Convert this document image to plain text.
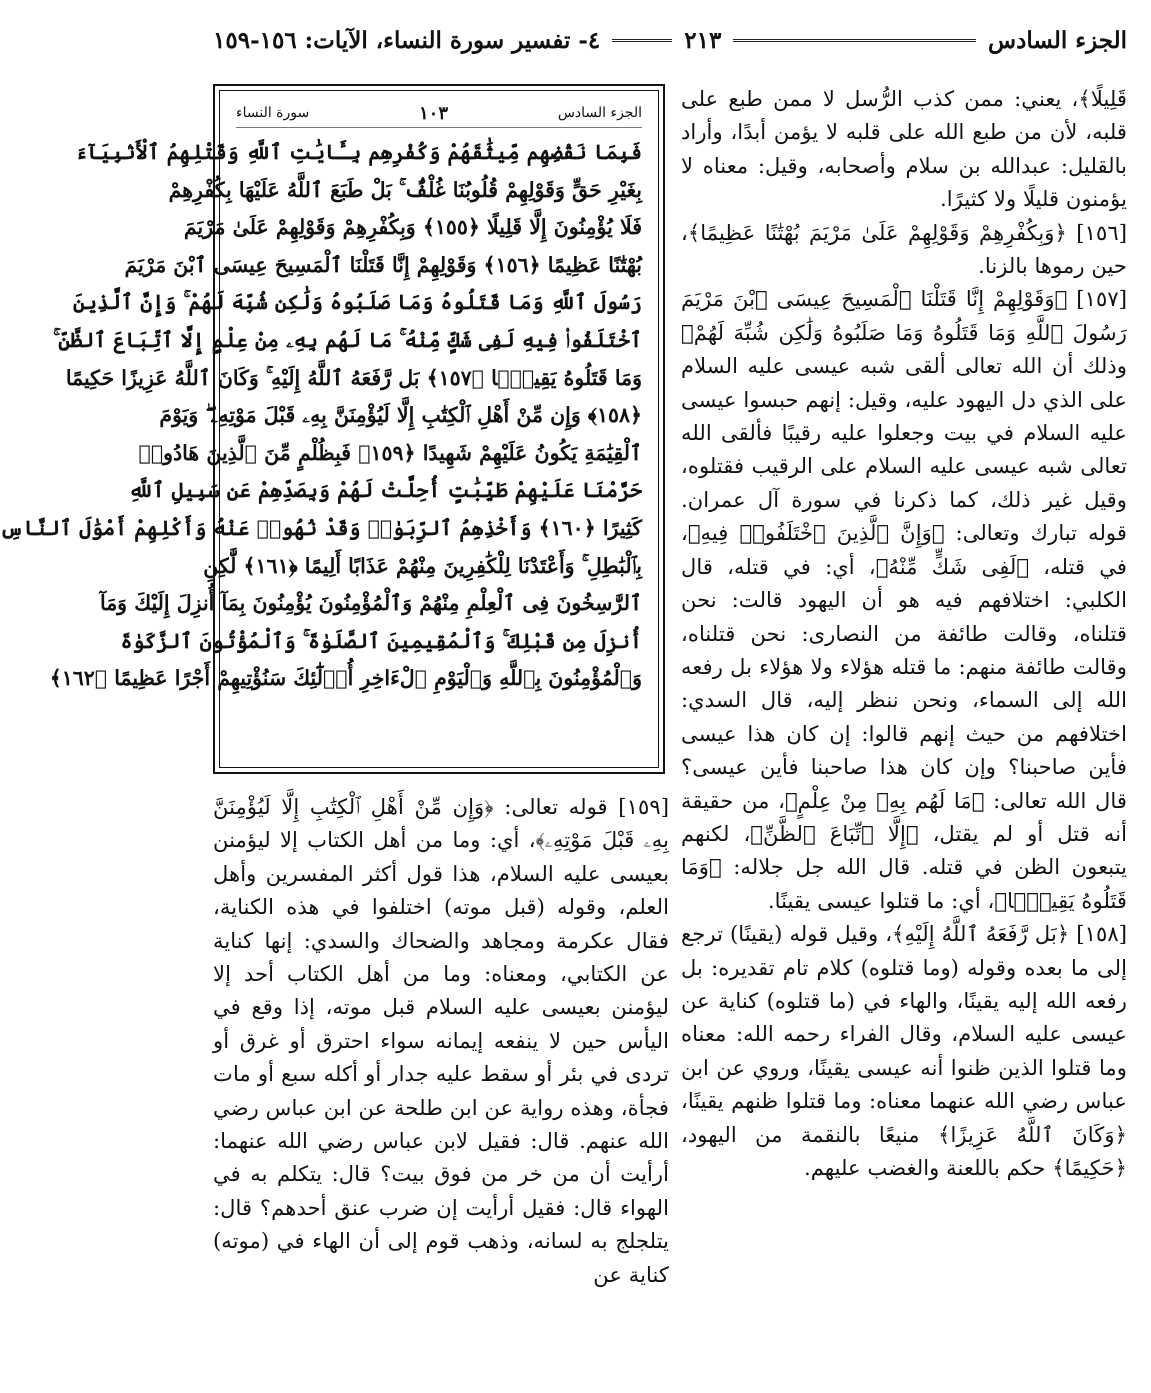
الجزء السادس
٢١٣
٤- تفسير سورة النساء، الآيات: ١٥٦-١٥٩

قَلِيلًا﴾، يعني: ممن كذب الرُّسل لا ممن طبع على قلبه، لأن من طبع الله على قلبه لا يؤمن أبدًا، وأراد بالقليل: عبدالله بن سلام وأصحابه، وقيل: معناه لا يؤمنون قليلًا ولا كثيرًا.

[١٥٦] ﴿وَبِكُفْرِهِمْ وَقَوْلِهِمْ عَلَىٰ مَرْيَمَ بُهْتَٰنًا عَظِيمًا﴾، حين رموها بالزنا.

[١٥٧] ﴿وَقَوْلِهِمْ إِنَّا قَتَلْنَا ٱلْمَسِيحَ عِيسَى ٱبْنَ مَرْيَمَ رَسُولَ ٱللَّهِ وَمَا قَتَلُوهُ وَمَا صَلَبُوهُ وَلَٰكِن شُبِّهَ لَهُمْ﴾ وذلك أن الله تعالى ألقى شبه عيسى عليه السلام على الذي دل اليهود عليه، وقيل: إنهم حبسوا عيسى عليه السلام في بيت وجعلوا عليه رقيبًا فألقى الله تعالى شبه عيسى عليه السلام على الرقيب فقتلوه، وقيل غير ذلك، كما ذكرنا في سورة آل عمران. قوله تبارك وتعالى: ﴿وَإِنَّ ٱلَّذِينَ ٱخْتَلَفُوا۟ فِيهِ﴾، في قتله، ﴿لَفِى شَكٍّ مِّنْهُ﴾، أي: في قتله، قال الكلبي: اختلافهم فيه هو أن اليهود قالت: نحن قتلناه، وقالت طائفة من النصارى: نحن قتلناه، وقالت طائفة منهم: ما قتله هؤلاء ولا هؤلاء بل رفعه الله إلى السماء، ونحن ننظر إليه، قال السدي: اختلافهم من حيث إنهم قالوا: إن كان هذا عيسى فأين صاحبنا؟ وإن كان هذا صاحبنا فأين عيسى؟ قال الله تعالى: ﴿مَا لَهُم بِهِۦ مِنْ عِلْمٍ﴾، من حقيقة أنه قتل أو لم يقتل، ﴿إِلَّا ٱتِّبَاعَ ٱلظَّنِّ﴾، لكنهم يتبعون الظن في قتله. قال الله جل جلاله: ﴿وَمَا قَتَلُوهُ يَقِينًۢا﴾، أي: ما قتلوا عيسى يقينًا.

[١٥٨] ﴿بَل رَّفَعَهُ ٱللَّهُ إِلَيْهِ﴾، وقيل قوله (يقينًا) ترجع إلى ما بعده وقوله (وما قتلوه) كلام تام تقديره: بل رفعه الله إليه يقينًا، والهاء في (ما قتلوه) كناية عن عيسى عليه السلام، وقال الفراء رحمه الله: معناه وما قتلوا الذين ظنوا أنه عيسى يقينًا، وروي عن ابن عباس رضي الله عنهما معناه: وما قتلوا ظنهم يقينًا، ﴿وَكَانَ ٱللَّهُ عَزِيزًا﴾ منيعًا بالنقمة من اليهود، ﴿حَكِيمًا﴾ حكم باللعنة والغضب عليهم.

الجزء السادس
١٠٣
سورة النساء
فَبِمَا نَقْضِهِم مِّيثَٰقَهُمْ وَكُفْرِهِم بِـَٔايَٰتِ ٱللَّهِ وَقَتْلِهِمُ ٱلْأَنۢبِيَآءَ
بِغَيْرِ حَقٍّ وَقَوْلِهِمْ قُلُوبُنَا غُلْفٌۢ ۚ بَلْ طَبَعَ ٱللَّهُ عَلَيْهَا بِكُفْرِهِمْ
فَلَا يُؤْمِنُونَ إِلَّا قَلِيلًا ﴿١٥٥﴾ وَبِكُفْرِهِمْ وَقَوْلِهِمْ عَلَىٰ مَرْيَمَ
بُهْتَٰنًا عَظِيمًا ﴿١٥٦﴾ وَقَوْلِهِمْ إِنَّا قَتَلْنَا ٱلْمَسِيحَ عِيسَى ٱبْنَ مَرْيَمَ
رَسُولَ ٱللَّهِ وَمَا قَتَلُوهُ وَمَا صَلَبُوهُ وَلَٰكِن شُبِّهَ لَهُمْ ۚ وَإِنَّ ٱلَّذِينَ
ٱخْتَلَفُوا۟ فِيهِ لَفِى شَكٍّ مِّنْهُ ۚ مَا لَهُم بِهِۦ مِنْ عِلْمٍ إِلَّا ٱتِّبَاعَ ٱلظَّنِّ ۚ
وَمَا قَتَلُوهُ يَقِينًۢا ﴿١٥٧﴾ بَل رَّفَعَهُ ٱللَّهُ إِلَيْهِ ۚ وَكَانَ ٱللَّهُ عَزِيزًا حَكِيمًا
﴿١٥٨﴾ وَإِن مِّنْ أَهْلِ ٱلْكِتَٰبِ إِلَّا لَيُؤْمِنَنَّ بِهِۦ قَبْلَ مَوْتِهِۦ ۖ وَيَوْمَ
ٱلْقِيَٰمَةِ يَكُونُ عَلَيْهِمْ شَهِيدًا ﴿١٥٩﴾ فَبِظُلْمٍ مِّنَ ٱلَّذِينَ هَادُوا۟
حَرَّمْنَا عَلَيْهِمْ طَيِّبَٰتٍ أُحِلَّتْ لَهُمْ وَبِصَدِّهِمْ عَن سَبِيلِ ٱللَّهِ
كَثِيرًا ﴿١٦٠﴾ وَأَخْذِهِمُ ٱلرِّبَوٰا۟ وَقَدْ نُهُوا۟ عَنْهُ وَأَكْلِهِمْ أَمْوَٰلَ ٱلنَّاسِ
بِٱلْبَٰطِلِ ۚ وَأَعْتَدْنَا لِلْكَٰفِرِينَ مِنْهُمْ عَذَابًا أَلِيمًا ﴿١٦١﴾ لَّٰكِنِ
ٱلرَّٰسِخُونَ فِى ٱلْعِلْمِ مِنْهُمْ وَٱلْمُؤْمِنُونَ يُؤْمِنُونَ بِمَآ أُنزِلَ إِلَيْكَ وَمَآ
أُنزِلَ مِن قَبْلِكَ ۚ وَٱلْمُقِيمِينَ ٱلصَّلَوٰةَ ۚ وَٱلْمُؤْتُونَ ٱلزَّكَوٰةَ
وَٱلْمُؤْمِنُونَ بِٱللَّهِ وَٱلْيَوْمِ ٱلْءَاخِرِ أُو۟لَٰٓئِكَ سَنُؤْتِيهِمْ أَجْرًا عَظِيمًا ﴿١٦٢﴾

[١٥٩] قوله تعالى: ﴿وَإِن مِّنْ أَهْلِ ٱلْكِتَٰبِ إِلَّا لَيُؤْمِنَنَّ بِهِۦ قَبْلَ مَوْتِهِۦ﴾، أي: وما من أهل الكتاب إلا ليؤمنن بعيسى عليه السلام، هذا قول أكثر المفسرين وأهل العلم، وقوله (قبل موته) اختلفوا في هذه الكناية، فقال عكرمة ومجاهد والضحاك والسدي: إنها كناية عن الكتابي، ومعناه: وما من أهل الكتاب أحد إلا ليؤمنن بعيسى عليه السلام قبل موته، إذا وقع في اليأس حين لا ينفعه إيمانه سواء احترق أو غرق أو تردى في بئر أو سقط عليه جدار أو أكله سبع أو مات فجأة، وهذه رواية عن ابن طلحة عن ابن عباس رضي الله عنهم. قال: فقيل لابن عباس رضي الله عنهما: أرأيت أن من خر من فوق بيت؟ قال: يتكلم به في الهواء قال: فقيل أرأيت إن ضرب عنق أحدهم؟ قال: يتلجلج به لسانه، وذهب قوم إلى أن الهاء في (موته) كناية عن
